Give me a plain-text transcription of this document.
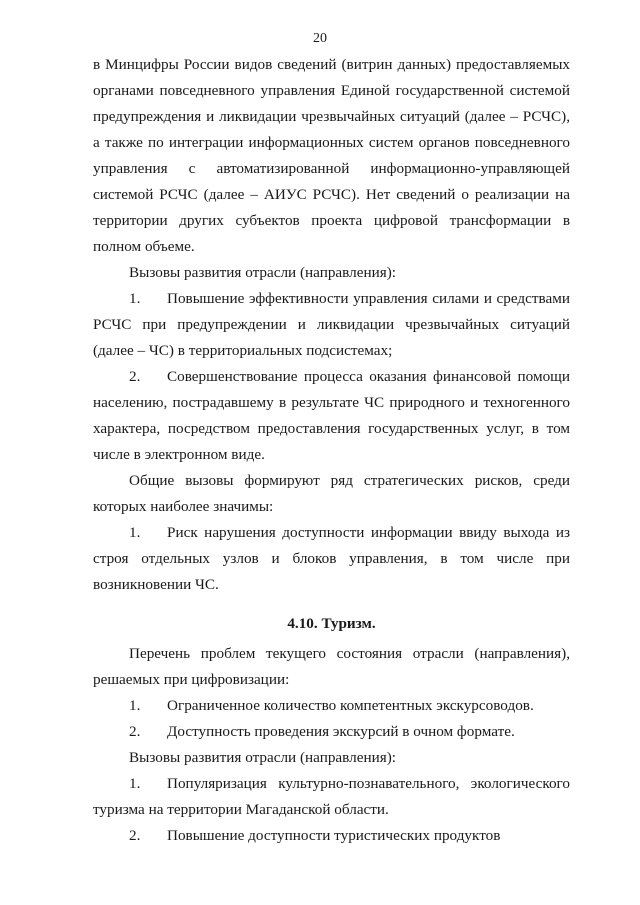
20

в Минцифры России видов сведений (витрин данных) предоставляемых органами повседневного управления Единой государственной системой предупреждения и ликвидации чрезвычайных ситуаций (далее – РСЧС), а также по интеграции информационных систем органов повседневного управления с автоматизированной информационно-управляющей системой РСЧС (далее – АИУС РСЧС). Нет сведений о реализации на территории других субъектов проекта цифровой трансформации в полном объеме.

Вызовы развития отрасли (направления):

1. Повышение эффективности управления силами и средствами РСЧС при предупреждении и ликвидации чрезвычайных ситуаций (далее – ЧС) в территориальных подсистемах;

2. Совершенствование процесса оказания финансовой помощи населению, пострадавшему в результате ЧС природного и техногенного характера, посредством предоставления государственных услуг, в том числе в электронном виде.

Общие вызовы формируют ряд стратегических рисков, среди которых наиболее значимы:

1. Риск нарушения доступности информации ввиду выхода из строя отдельных узлов и блоков управления, в том числе при возникновении ЧС.

4.10. Туризм.

Перечень проблем текущего состояния отрасли (направления), решаемых при цифровизации:

1. Ограниченное количество компетентных экскурсоводов.

2. Доступность проведения экскурсий в очном формате.

Вызовы развития отрасли (направления):

1. Популяризация культурно-познавательного, экологического туризма на территории Магаданской области.

2. Повышение доступности туристических продуктов
